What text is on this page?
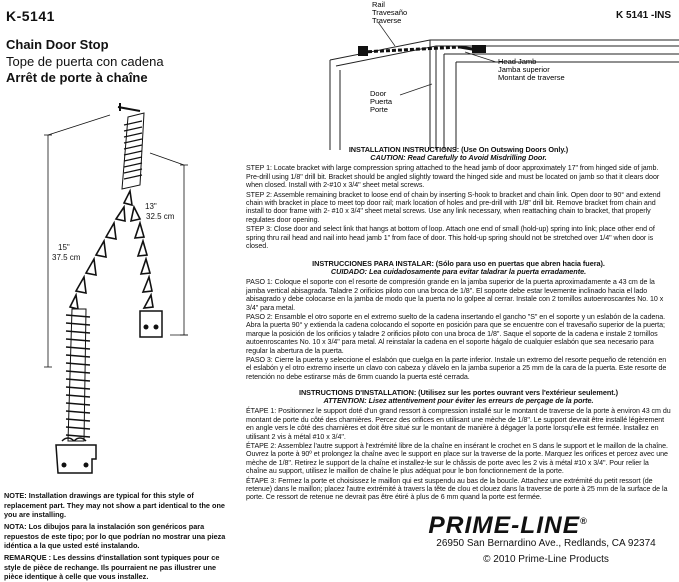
K-5141	K 5141 -INS
Chain Door Stop
Tope de puerta con cadena
Arrêt de porte à chaîne
Rail
Travesaño
Traverse
Head Jamb
Jamba superior
Montant de traverse
Door
Puerta
Porte
13"
32.5 cm
15"
37.5 cm
INSTALLATION INSTRUCTIONS: (Use On Outswing Doors Only.)
CAUTION: Read Carefully to Avoid Misdrilling Door.

STEP 1: Locate bracket with large compression spring attached to the head jamb of door approximately 17" from hinged side of jamb. Pre-drill using 1/8" drill bit. Bracket should be angled slightly toward the hinged side and must be located on jamb so that it clears door when closed. Install with 2-#10 x 3/4" sheet metal screws.

STEP 2: Assemble remaining bracket to loose end of chain by inserting S-hook to bracket and chain link. Open door to 90° and extend chain with bracket in place to meet top door rail; mark location of holes and pre-drill with 1/8" drill bit. Remove bracket from chain and install to door frame with 2- #10 x 3/4" sheet metal screws. Use any link necessary, when reattaching chain to bracket, that properly regulates door opening.

STEP 3: Close door and select link that hangs at bottom of loop. Attach one end of small (hold-up) spring into link; place other end of spring thru rail head and nail into head jamb 1" from face of door. This hold-up spring should not be stretched over 1/4" when door is closed.

INSTRUCCIONES PARA INSTALAR: (Sólo para uso en puertas que abren hacia fuera).
CUIDADO: Lea cuidadosamente para evitar taladrar la puerta erradamente.

PASO 1: Coloque el soporte con el resorte de compresión grande en la jamba superior de la puerta aproximadamente a 43 cm de la jamba vertical abisagrada. Taladre 2 orificios piloto con una broca de 1/8". El soporte debe estar levemente inclinado hacia el lado abisagrado y debe colocarse en la jamba de modo que la puerta no lo golpee al cerrar. Instale con 2 tornillos autoenroscantes No. 10 x 3/4" para metal.

PASO 2: Ensamble el otro soporte en el extremo suelto de la cadena insertando el gancho "S" en el soporte y un eslabón de la cadena. Abra la puerta 90° y extienda la cadena colocando el soporte en posición para que se encuentre con el travesaño superior de la puerta; marque la posición de los orificios y taladre 2 orificios piloto con una broca de 1/8". Saque el soporte de la cadena e instale 2 tornillos autoenroscantes No. 10 x 3/4" para metal. Al reinstalar la cadena en el soporte hágalo de cualquier eslabón que sea necesario para regular la abertura de la puerta.

PASO 3: Cierre la puerta y seleccione el eslabón que cuelga en la parte inferior. Instale un extremo del resorte pequeño de retención en el eslabón y el otro extremo inserte un clavo con cabeza y clávelo en la jamba superior a 25 mm de la cara de la puerta. Este resorte de retención no debe estirarse más de 6mm cuando la puerta esté cerrada.

INSTRUCTIONS D'INSTALLATION: (Utilisez sur les portes ouvrant vers l'extérieur seulement.)
ATTENTION: Lisez attentivement pour éviter les erreurs de perçage de la porte.

ÉTAPE 1: Positionnez le support doté d'un grand ressort à compression installé sur le montant de traverse de la porte à environ 43 cm du montant de porte du côté des charnières. Percez des orifices en utilisant une mèche de 1/8". Le support devrait être installé légèrement en angle vers le côté des charnières et doit être situé sur le montant de manière à dégager la porte lorsqu'elle est fermée. Installez en utilisant 2 vis à métal #10 x 3/4".

ÉTAPE 2: Assemblez l'autre support à l'extrémité libre de la chaîne en insérant le crochet en S dans le support et le maillon de la chaîne. Ouvrez la porte à 90º et prolongez la chaîne avec le support en place sur la traverse de la porte. Marquez les orifices et percez avec une mèche de 1/8". Retirez le support de la chaîne et installez-le sur le châssis de porte avec les 2 vis à métal #10 x 3/4". Pour relier la chaîne au support, utilisez le maillon de chaîne le plus adéquat pour le bon fonctionnement de la porte.

ÉTAPE 3: Fermez la porte et choisissez le maillon qui est suspendu au bas de la boucle. Attachez une extrémité du petit ressort (de retenue) dans le maillon; placez l'autre extrémité à travers la tête de clou et clouez dans la traverse de porte à 25 mm de la surface de la porte. Ce ressort de retenue ne devrait pas être étiré à plus de 6 mm quand la porte est fermée.

NOTE: Installation drawings are typical for this style of replacement part. They may not show a part identical to the one you are installing.
NOTA: Los dibujos para la instalación son genéricos para repuestos de este tipo; por lo que podrían no mostrar una pieza idéntica a la que usted esté instalando.
REMARQUE : Les dessins d'installation sont typiques pour ce style de pièce de rechange. Ils pourraient ne pas illustrer une pièce identique à celle que vous installez.
PRIME-LINE®
26950 San Bernardino Ave., Redlands, CA 92374
© 2010 Prime-Line Products
